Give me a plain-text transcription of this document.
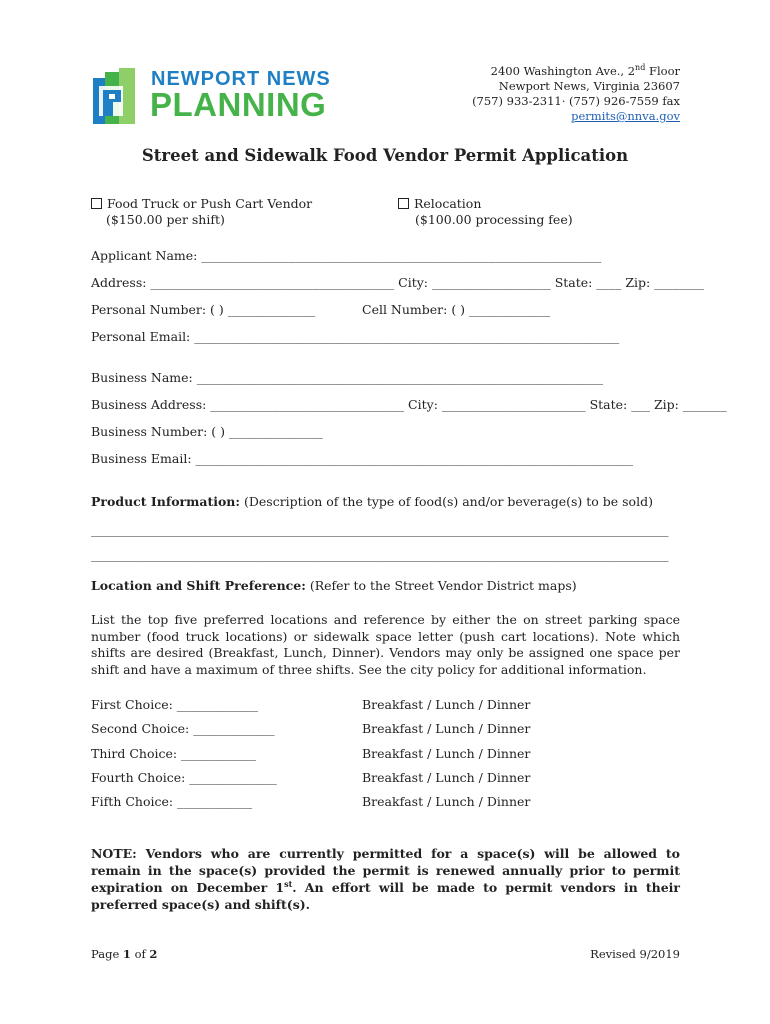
NEWPORT NEWS
PLANNING
2400 Washington Ave., 2nd Floor
Newport News, Virginia 23607
(757) 933-2311· (757) 926-7559 fax
permits@nnva.gov
Street and Sidewalk Food Vendor Permit Application
Food Truck or Push Cart Vendor
($150.00 per shift)
Relocation
($100.00 processing fee)
Applicant Name: ________________________________________________________________
Address: _______________________________________ City: ___________________ State: ____ Zip: ________
Personal Number: ( ) ______________	Cell Number: ( ) _____________
Personal Email: ____________________________________________________________________
Business Name: _________________________________________________________________
Business Address: _______________________________ City: _______________________ State: ___ Zip: _______
Business Number: ( ) _______________
Business Email: ______________________________________________________________________
Product Information: (Description of the type of food(s) and/or beverage(s) to be sold)
_________________________________________________________________________________________________
_________________________________________________________________________________________________
Location and Shift Preference: (Refer to the Street Vendor District maps)
List the top five preferred locations and reference by either the on street parking space number (food truck locations) or sidewalk space letter (push cart locations). Note which shifts are desired (Breakfast, Lunch, Dinner). Vendors may only be assigned one space per shift and have a maximum of three shifts. See the city policy for additional information.
First Choice: _____________	Breakfast / Lunch / Dinner
Second Choice: _____________	Breakfast / Lunch / Dinner
Third Choice: ____________	Breakfast / Lunch / Dinner
Fourth Choice: ______________	Breakfast / Lunch / Dinner
Fifth Choice: ____________	Breakfast / Lunch / Dinner
NOTE: Vendors who are currently permitted for a space(s) will be allowed to remain in the space(s) provided the permit is renewed annually prior to permit expiration on December 1st. An effort will be made to permit vendors in their preferred space(s) and shift(s).
Page 1 of 2	Revised 9/2019
